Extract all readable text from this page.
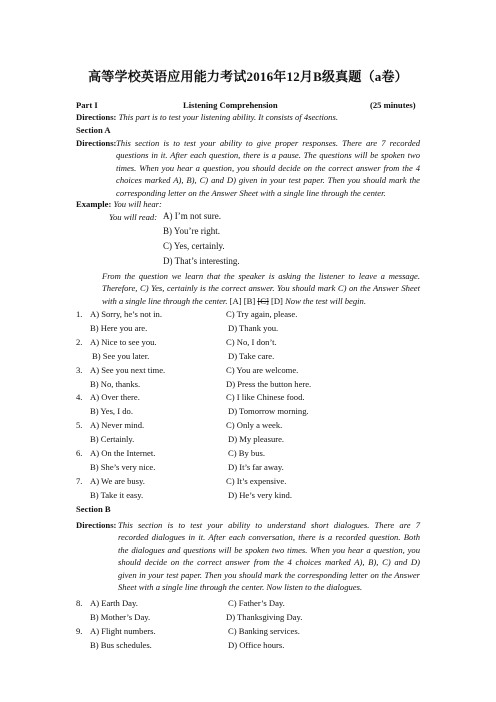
高等学校英语应用能力考试2016年12月B级真题（a卷）
Part I	Listening Comprehension	(25 minutes)
Directions: This part is to test your listening ability. It consists of 4sections.
Section A
Directions: This section is to test your ability to give proper responses. There are 7 recorded
questions in it. After each question, there is a pause. The questions will be spoken two
times. When you hear a question, you should decide on the correct answer from the 4
choices marked A), B), C) and D) given in your test paper. Then you should mark the
corresponding letter on the Answer Sheet with a single line through the center.
Example: You will hear:
You will read: A) I’m not sure.
B) You’re right.
C) Yes, certainly.
D) That’s interesting.
From the question we learn that the speaker is asking the listener to leave a message.
Therefore, C) Yes, certainly is the correct answer. You should mark C) on the Answer Sheet
with a single line through the center. [A] [B] [C] [D] Now the test will begin.
1. A) Sorry, he’s not in.	C) Try again, please.
B) Here you are.	D) Thank you.
2. A) Nice to see you.	C) No, I don’t.
B) See you later.	D) Take care.
3. A) See you next time.	C) You are welcome.
B) No, thanks.	D) Press the button here.
4. A) Over there.	C) I like Chinese food.
B) Yes, I do.	D) Tomorrow morning.
5. A) Never mind.	C) Only a week.
B) Certainly.	D) My pleasure.
6. A) On the Internet.	C) By bus.
B) She’s very nice.	D) It’s far away.
7. A) We are busy.	C) It’s expensive.
B) Take it easy.	D) He’s very kind.
Section B
Directions: This section is to test your ability to understand short dialogues. There are 7
recorded dialogues in it. After each conversation, there is a recorded question. Both
the dialogues and questions will be spoken two times. When you hear a question, you
should decide on the correct answer from the 4 choices marked A), B), C) and D)
given in your test paper. Then you should mark the corresponding letter on the Answer
Sheet with a single line through the center. Now listen to the dialogues.
8. A) Earth Day.	C) Father’s Day.
B) Mother’s Day.	D) Thanksgiving Day.
9. A) Flight numbers.	C) Banking services.
B) Bus schedules.	D) Office hours.
